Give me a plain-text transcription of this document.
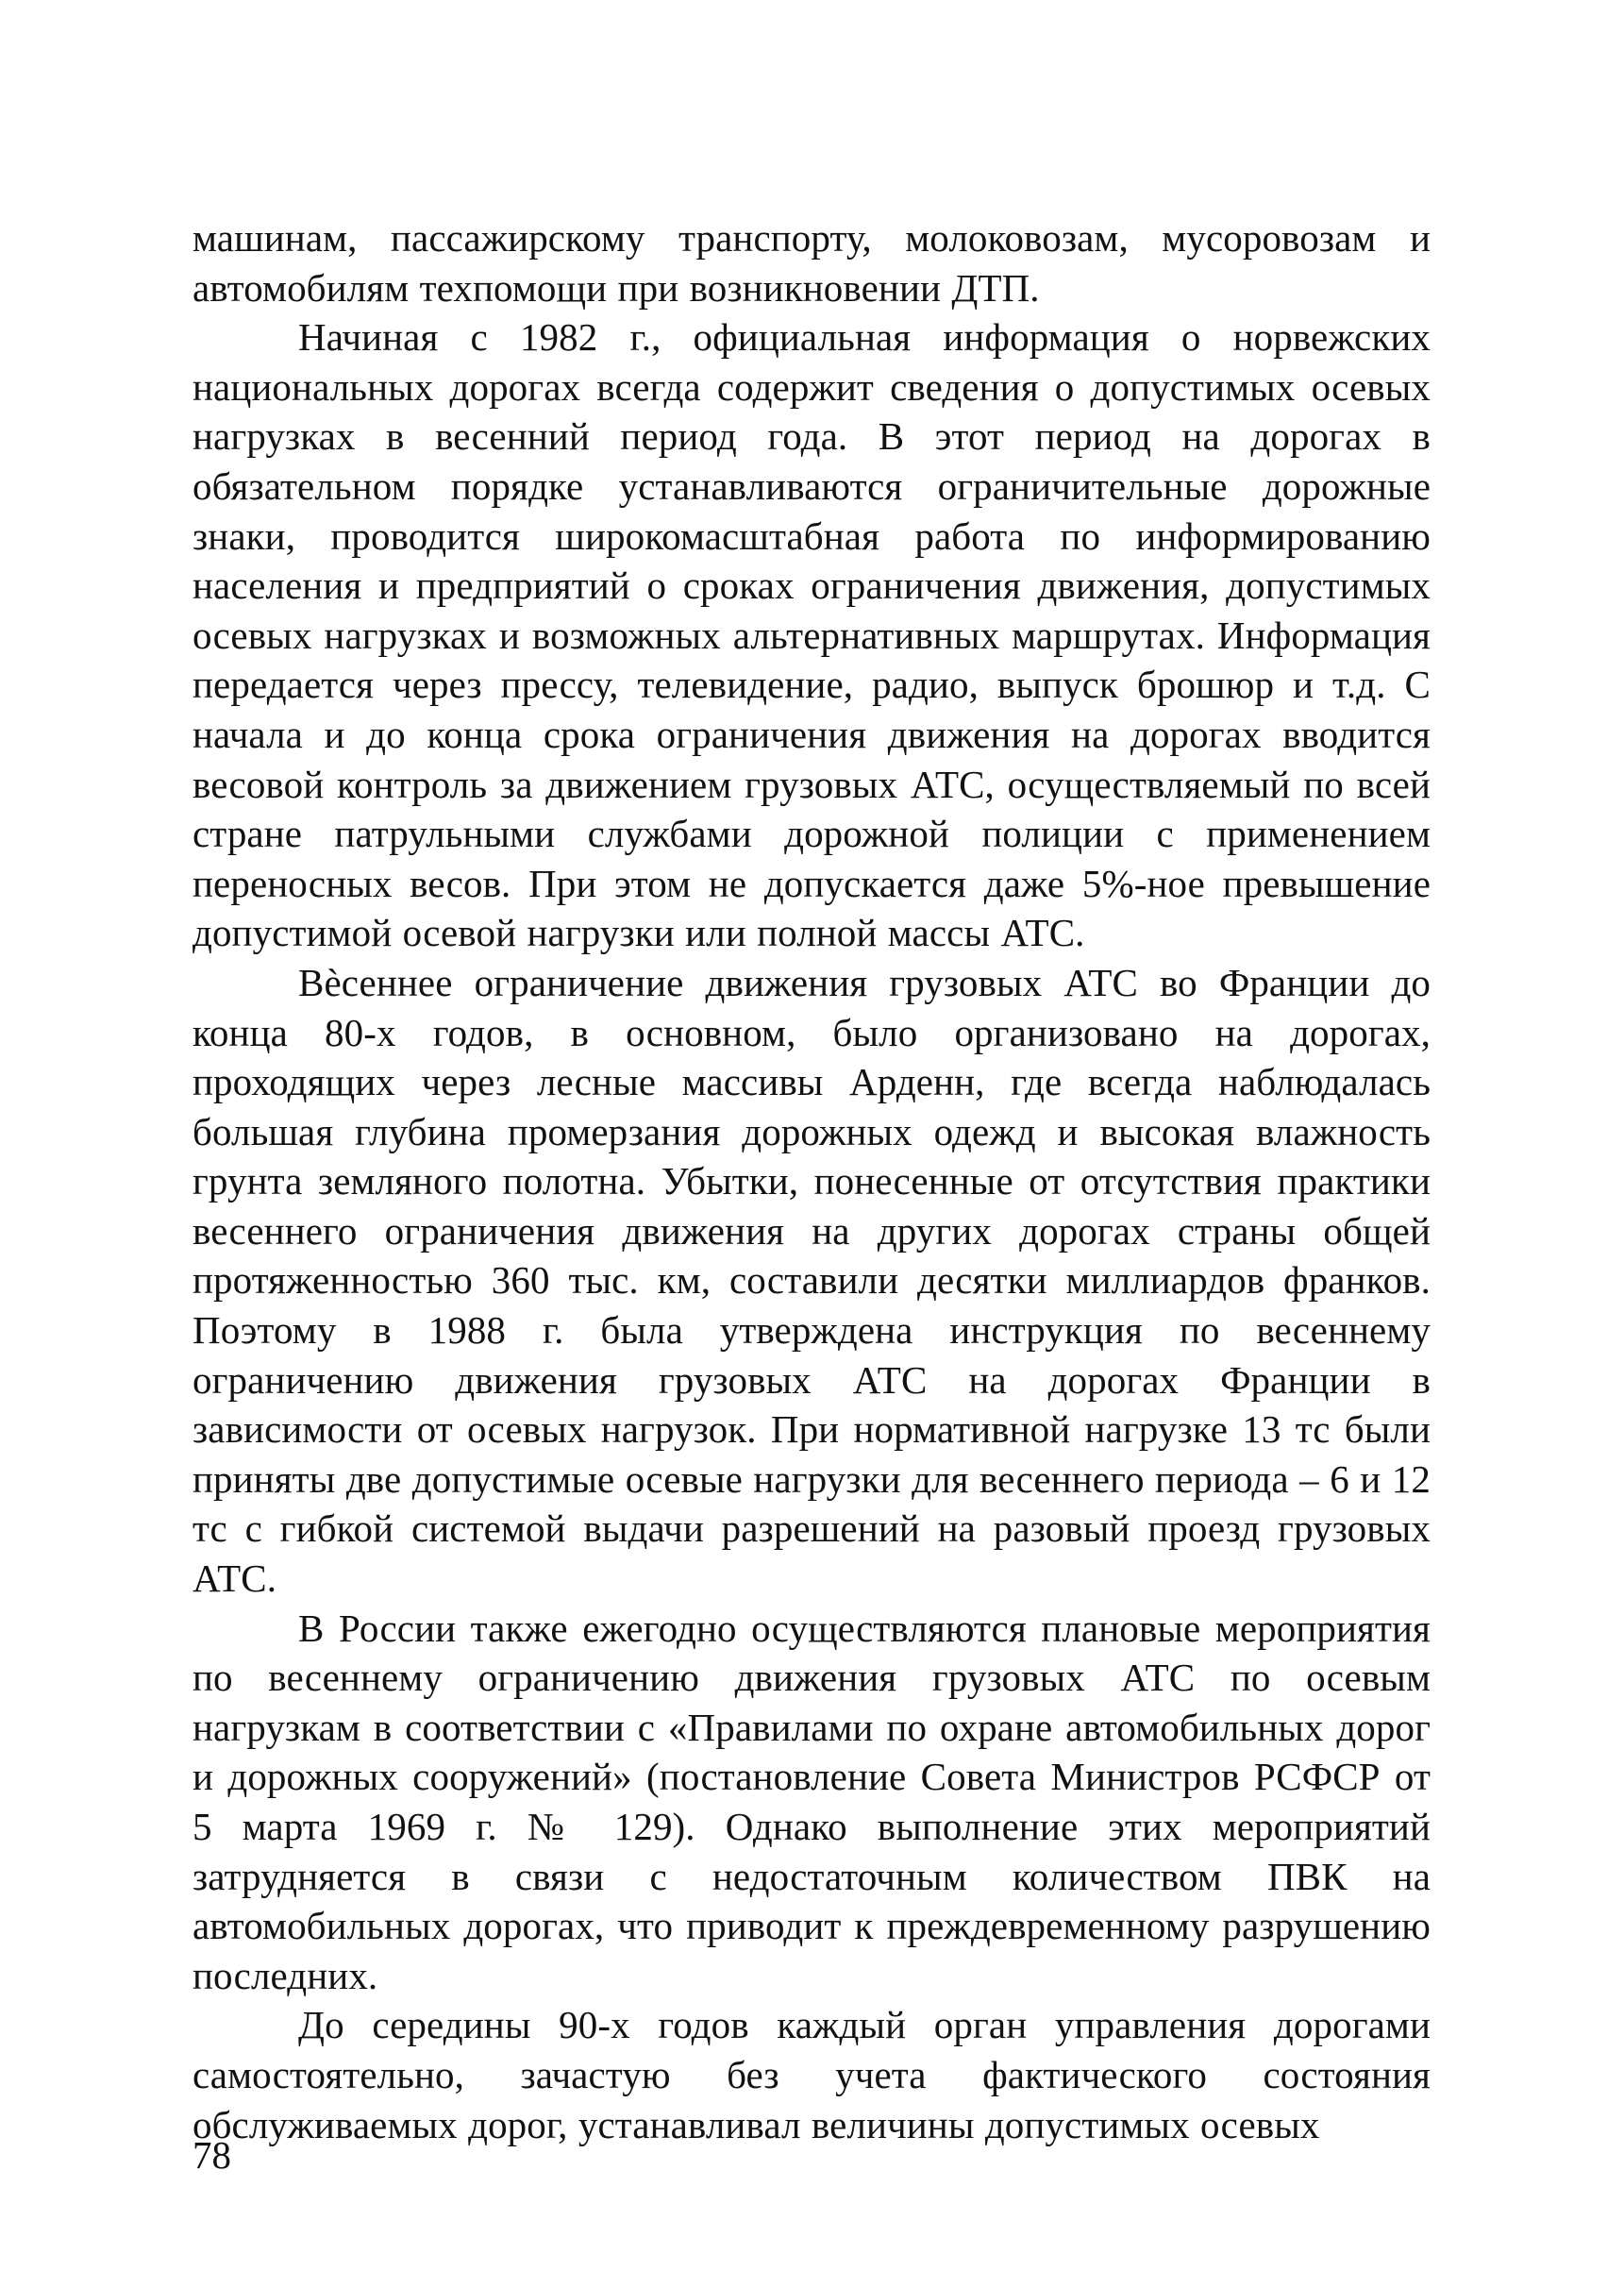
машинам, пассажирскому транспорту, молоковозам, мусоровозам и автомобилям техпомощи при возникновении ДТП.

Начиная с 1982 г., официальная информация о норвежских национальных дорогах всегда содержит сведения о допустимых осевых нагрузках в весенний период года. В этот период на дорогах в обязательном порядке устанавливаются ограничительные дорожные знаки, проводится широкомасштабная работа по информированию населения и предприятий о сроках ограничения движения, допустимых осевых нагрузках и возможных альтернативных маршрутах. Информация передается через прессу, телевидение, радио, выпуск брошюр и т.д. С начала и до конца срока ограничения движения на дорогах вводится весовой контроль за движением грузовых АТС, осуществляемый по всей стране патрульными службами дорожной полиции с применением переносных весов. При этом не допускается даже 5%-ное превышение допустимой осевой нагрузки или полной массы АТС.

Вѐсеннее ограничение движения грузовых АТС во Франции до конца 80-х годов, в основном, было организовано на дорогах, проходящих через лесные массивы Арденн, где всегда наблюдалась большая глубина промерзания дорожных одежд и высокая влажность грунта земляного полотна. Убытки, понесенные от отсутствия практики весеннего ограничения движения на других дорогах страны общей протяженностью 360 тыс. км, составили десятки миллиардов франков. Поэтому в 1988 г. была утверждена инструкция по весеннему ограничению движения грузовых АТС на дорогах Франции в зависимости от осевых нагрузок. При нормативной нагрузке 13 тс были приняты две допустимые осевые нагрузки для весеннего периода – 6 и 12 тс с гибкой системой выдачи разрешений на разовый проезд грузовых АТС.

В России также ежегодно осуществляются плановые мероприятия по весеннему ограничению движения грузовых АТС по осевым нагрузкам в соответствии с «Правилами по охране автомобильных дорог и дорожных сооружений» (постановление Совета Министров РСФСР от 5 марта 1969 г. № 129). Однако выполнение этих мероприятий затрудняется в связи с недостаточным количеством ПВК на автомобильных дорогах, что приводит к преждевременному разрушению последних.

До середины 90-х годов каждый орган управления дорогами самостоятельно, зачастую без учета фактического состояния обслуживаемых дорог, устанавливал величины допустимых осевых

78
